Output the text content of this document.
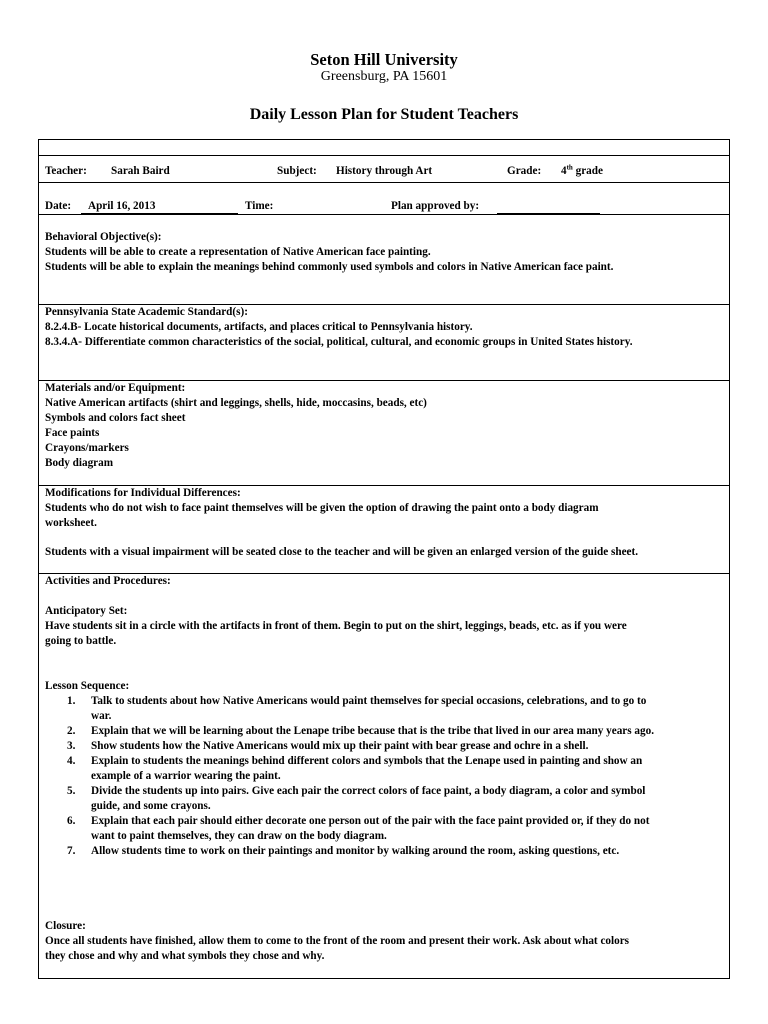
Seton Hill University
Greensburg, PA 15601
Daily Lesson Plan for Student Teachers
Teacher: Sarah Baird	Subject: History through Art	Grade: 4th grade
Date: April 16, 2013	Time:	Plan approved by:
Behavioral Objective(s):
Students will be able to create a representation of Native American face painting.
Students will be able to explain the meanings behind commonly used symbols and colors in Native American face paint.
Pennsylvania State Academic Standard(s):
8.2.4.B- Locate historical documents, artifacts, and places critical to Pennsylvania history.
8.3.4.A- Differentiate common characteristics of the social, political, cultural, and economic groups in United States history.
Materials and/or Equipment:
Native American artifacts (shirt and leggings, shells, hide, moccasins, beads, etc)
Symbols and colors fact sheet
Face paints
Crayons/markers
Body diagram
Modifications for Individual Differences:
Students who do not wish to face paint themselves will be given the option of drawing the paint onto a body diagram
worksheet.
Students with a visual impairment will be seated close to the teacher and will be given an enlarged version of the guide sheet.
Activities and Procedures:
Anticipatory Set:
Have students sit in a circle with the artifacts in front of them. Begin to put on the shirt, leggings, beads, etc. as if you were
going to battle.
Lesson Sequence:
1. Talk to students about how Native Americans would paint themselves for special occasions, celebrations, and to go to
war.
2. Explain that we will be learning about the Lenape tribe because that is the tribe that lived in our area many years ago.
3. Show students how the Native Americans would mix up their paint with bear grease and ochre in a shell.
4. Explain to students the meanings behind different colors and symbols that the Lenape used in painting and show an
example of a warrior wearing the paint.
5. Divide the students up into pairs. Give each pair the correct colors of face paint, a body diagram, a color and symbol
guide, and some crayons.
6. Explain that each pair should either decorate one person out of the pair with the face paint provided or, if they do not
want to paint themselves, they can draw on the body diagram.
7. Allow students time to work on their paintings and monitor by walking around the room, asking questions, etc.
Closure:
Once all students have finished, allow them to come to the front of the room and present their work. Ask about what colors
they chose and why and what symbols they chose and why.
